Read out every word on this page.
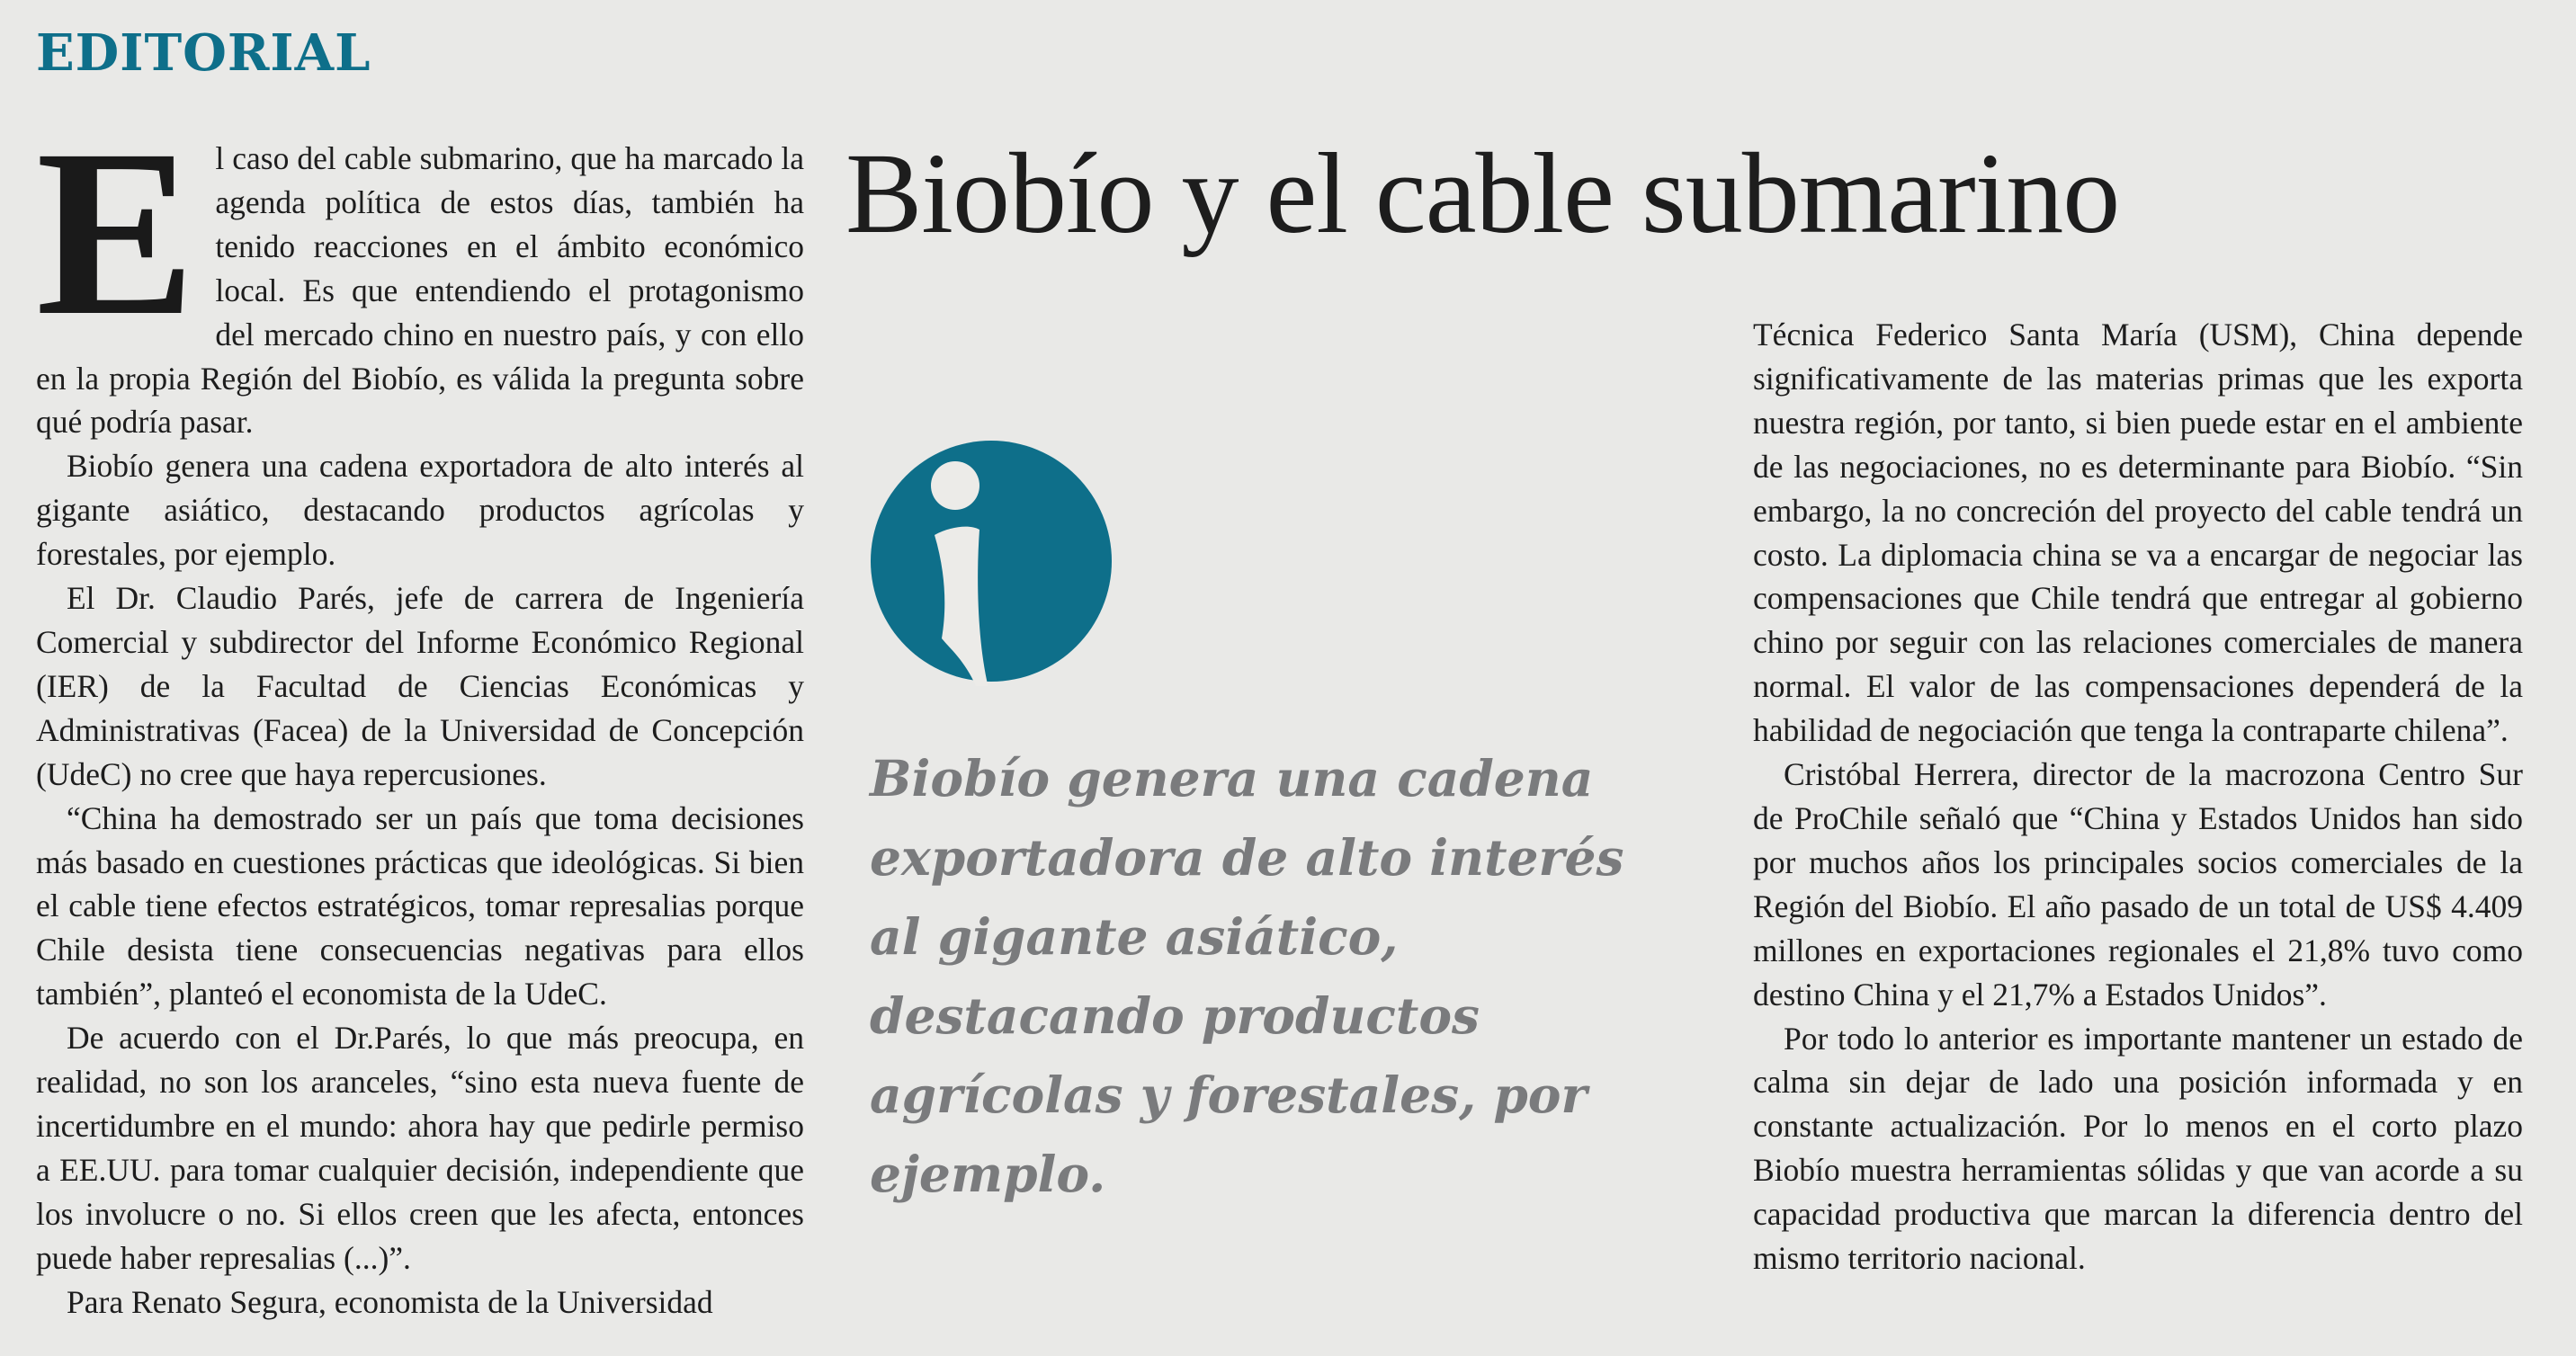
EDITORIAL
Biobío y el cable submarino

El caso del cable submarino, que ha marcado la agenda política de estos días, también ha tenido reacciones en el ámbito económico local. Es que entendiendo el protagonismo del mercado chino en nuestro país, y con ello en la propia Región del Biobío, es válida la pregunta sobre qué podría pasar.

Biobío genera una cadena exportadora de alto interés al gigante asiático, destacando productos agrícolas y forestales, por ejemplo.

El Dr. Claudio Parés, jefe de carrera de Ingeniería Comercial y subdirector del Informe Económico Regional (IER) de la Facultad de Ciencias Económicas y Administrativas (Facea) de la Universidad de Concepción (UdeC) no cree que haya repercusiones.

“China ha demostrado ser un país que toma decisiones más basado en cuestiones prácticas que ideológicas. Si bien el cable tiene efectos estratégicos, tomar represalias porque Chile desista tiene consecuencias negativas para ellos también”, planteó el economista de la UdeC.

De acuerdo con el Dr.Parés, lo que más preocupa, en realidad, no son los aranceles, “sino esta nueva fuente de incertidumbre en el mundo: ahora hay que pedirle permiso a EE.UU. para tomar cualquier decisión, independiente que los involucre o no. Si ellos creen que les afecta, entonces puede haber represalias (...)”.

Para Renato Segura, economista de la Universidad

Biobío genera una cadena exportadora de alto interés al gigante asiático, destacando productos agrícolas y forestales, por ejemplo.

Técnica Federico Santa María (USM), China depende significativamente de las materias primas que les exporta nuestra región, por tanto, si bien puede estar en el ambiente de las negociaciones, no es determinante para Biobío. “Sin embargo, la no concreción del proyecto del cable tendrá un costo. La diplomacia china se va a encargar de negociar las compensaciones que Chile tendrá que entregar al gobierno chino por seguir con las relaciones comerciales de manera normal. El valor de las compensaciones dependerá de la habilidad de negociación que tenga la contraparte chilena”.

Cristóbal Herrera, director de la macrozona Centro Sur de ProChile señaló que “China y Estados Unidos han sido por muchos años los principales socios comerciales de la Región del Biobío. El año pasado de un total de US$ 4.409 millones en exportaciones regionales el 21,8% tuvo como destino China y el 21,7% a Estados Unidos”.

Por todo lo anterior es importante mantener un estado de calma sin dejar de lado una posición informada y en constante actualización. Por lo menos en el corto plazo Biobío muestra herramientas sólidas y que van acorde a su capacidad productiva que marcan la diferencia dentro del mismo territorio nacional.
